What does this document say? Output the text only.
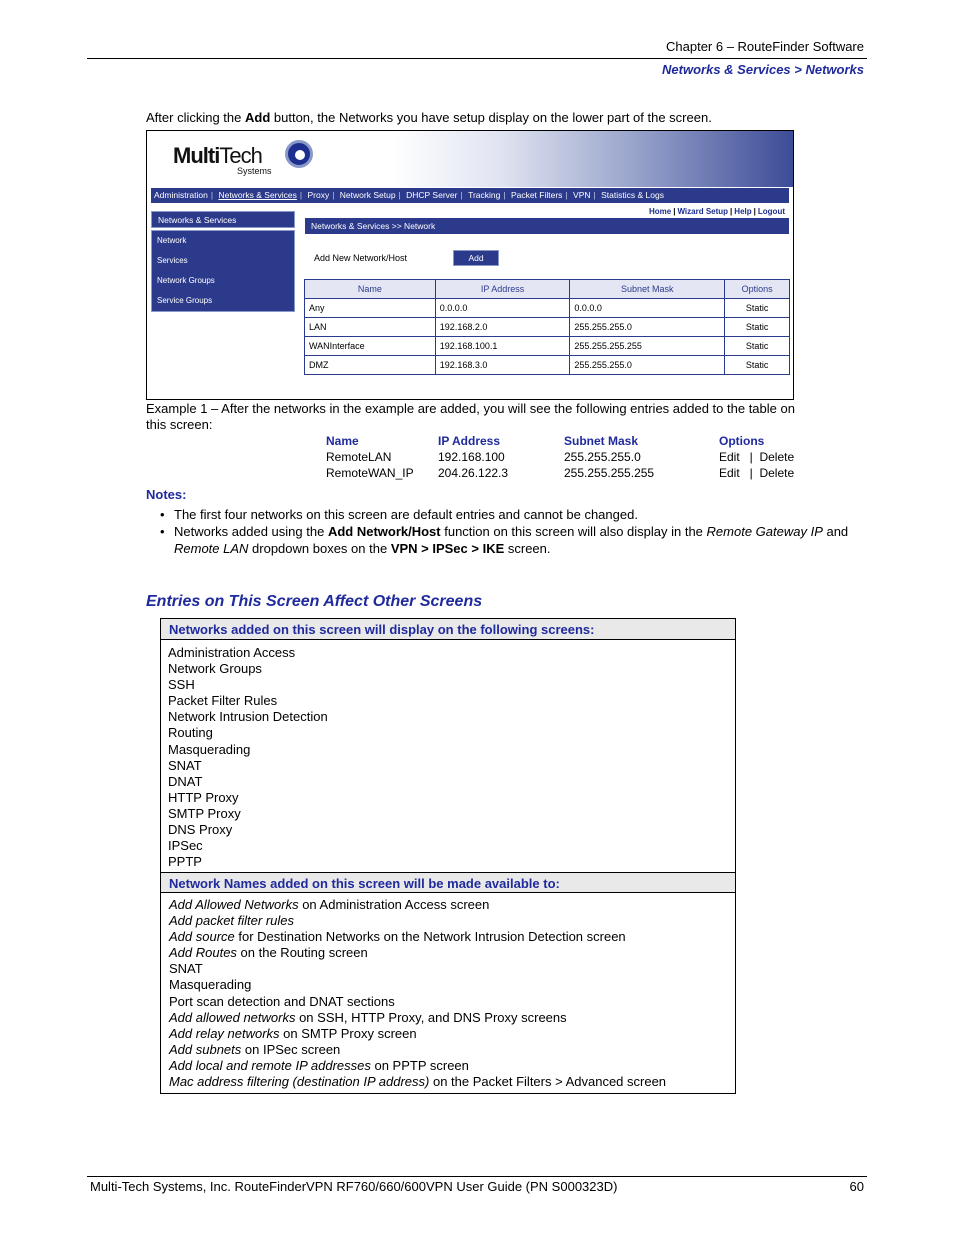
Chapter 6 – RouteFinder Software
Networks & Services > Networks
After clicking the Add button, the Networks you have setup display on the lower part of the screen.
MultiTech
Systems
Administration | Networks & Services | Proxy | Network Setup | DHCP Server | Tracking | Packet Filters | VPN | Statistics & Logs
Networks & Services
Network
Services
Network Groups
Service Groups
Home | Wizard Setup | Help | Logout
Networks & Services >> Network
Add New Network/Host	Add
Name	IP Address	Subnet Mask	Options
Any	0.0.0.0	0.0.0.0	Static
LAN	192.168.2.0	255.255.255.0	Static
WANInterface	192.168.100.1	255.255.255.255	Static
DMZ	192.168.3.0	255.255.255.0	Static
Example 1 – After the networks in the example are added, you will see the following entries added to the table on this screen:
Name	IP Address	Subnet Mask	Options
RemoteLAN	192.168.100	255.255.255.0	Edit   |  Delete
RemoteWAN_IP	204.26.122.3	255.255.255.255	Edit   |  Delete
Notes:
• The first four networks on this screen are default entries and cannot be changed.
• Networks added using the Add Network/Host function on this screen will also display in the Remote Gateway IP and Remote LAN dropdown boxes on the VPN > IPSec > IKE screen.
Entries on This Screen Affect Other Screens
Networks added on this screen will display on the following screens:
Administration Access
Network Groups
SSH
Packet Filter Rules
Network Intrusion Detection
Routing
Masquerading
SNAT
DNAT
HTTP Proxy
SMTP Proxy
DNS Proxy
IPSec
PPTP
Network Names added on this screen will be made available to:
Add Allowed Networks on Administration Access screen
Add packet filter rules
Add source for Destination Networks on the Network Intrusion Detection screen
Add Routes on the Routing screen
SNAT
Masquerading
Port scan detection and DNAT sections
Add allowed networks on SSH, HTTP Proxy, and DNS Proxy screens
Add relay networks on SMTP Proxy screen
Add subnets on IPSec screen
Add local and remote IP addresses on PPTP screen
Mac address filtering (destination IP address) on the Packet Filters > Advanced screen
Multi-Tech Systems, Inc. RouteFinderVPN RF760/660/600VPN User Guide (PN S000323D)	60
